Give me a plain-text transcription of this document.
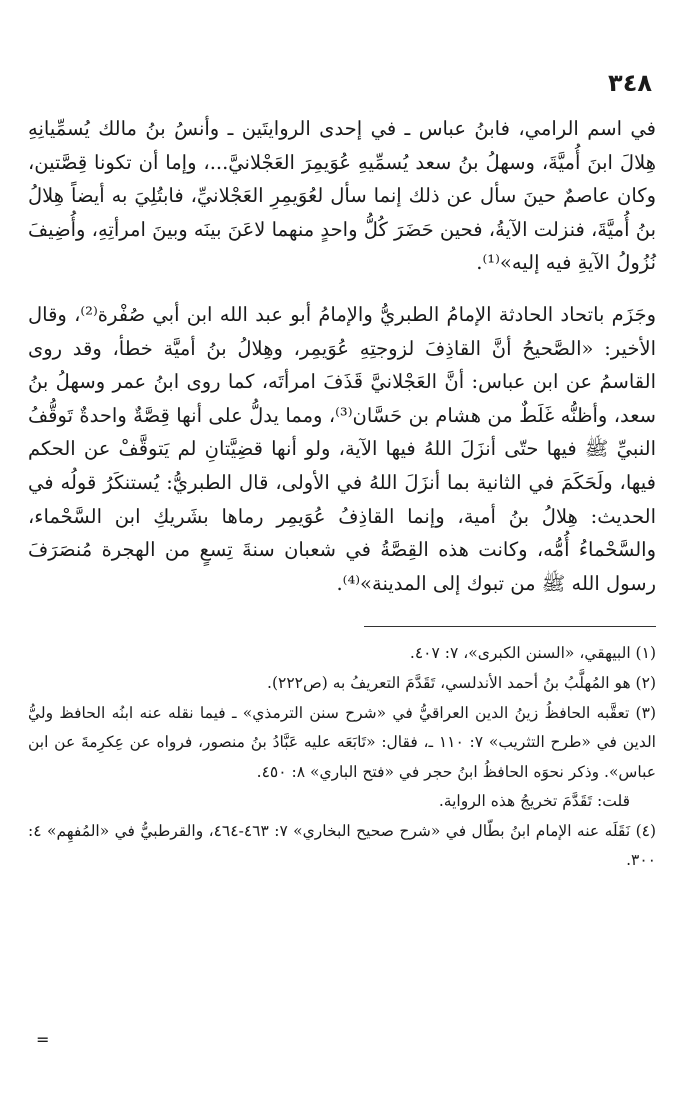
٣٤٨

في اسم الرامي، فابنُ عباس ـ في إحدى الروايتَين ـ وأنسُ بنُ مالك يُسمِّيانِهِ هِلالَ ابنَ أُميَّةَ، وسهلُ بنُ سعد يُسمِّيهِ عُوَيمِرَ العَجْلانيَّ...، وإما أن تكونا قِصَّتين، وكان عاصمٌ حينَ سأل عن ذلك إنما سأل لعُوَيمِرِ العَجْلانيِّ، فابتُلِيَ به أيضاً هِلالُ بنُ أُميَّةَ، فنزلت الآيةُ، فحين حَضَرَ كُلُّ واحدٍ منهما لاعَنَ بينَه وبينَ امرأتِهِ، وأُضِيفَ نُزُولُ الآيةِ فيه إليه»⁽¹⁾.

وجَزَم باتحاد الحادثة الإمامُ الطبريُّ والإمامُ أبو عبد الله ابن أبي صُفْرة⁽²⁾، وقال الأخير: «الصَّحيحُ أنَّ القاذِفَ لزوجتِهِ عُوَيمِر، وهِلالُ بنُ أميَّة خطأ، وقد روى القاسمُ عن ابن عباس: أنَّ العَجْلانيَّ قَذَفَ امرأتَه، كما روى ابنُ عمر وسهلُ بنُ سعد، وأظنُّه غَلَطٌ من هشام بن حَسَّان⁽³⁾، ومما يدلُّ على أنها قِصَّةٌ واحدةٌ تَوقُّفُ النبيِّ ﷺ فيها حتّى أنزَلَ اللهُ فيها الآية، ولو أنها قضِيَّتانِ لم يَتوقَّفْ عن الحكم فيها، ولَحَكَمَ في الثانية بما أنزَلَ اللهُ في الأولى، قال الطبريُّ: يُستنكَرُ قولُه في الحديث: هِلالُ بنُ أمية، وإنما القاذِفُ عُوَيمِر رماها بشَريكِ ابن السَّحْماء، والسَّحْماءُ أُمُّه، وكانت هذه القِصَّةُ في شعبان سنةَ تِسعٍ من الهجرة مُنصَرَفَ رسول الله ﷺ من تبوك إلى المدينة»⁽⁴⁾.

(١) البيهقي، «السنن الكبرى»، ٧: ٤٠٧.

(٢) هو المُهلَّبُ بنُ أحمد الأندلسي، تَقَدَّمَ التعريفُ به (ص٢٢٢).

(٣) تعقَّبه الحافظُ زينُ الدين العراقيُّ في «شرح سنن الترمذي» ـ فيما نقله عنه ابنُه الحافظ وليُّ الدين في «طرح التثريب» ٧: ١١٠ ـ، فقال: «تَابَعَه عليه عَبَّادُ بنُ منصور، فرواه عن عِكرِمةَ عن ابن عباس». وذكر نحوَه الحافظُ ابنُ حجر في «فتح الباري» ٨: ٤٥٠.

قلت: تَقَدَّمَ تخريجُ هذه الرواية.

(٤) نَقَلَه عنه الإمام ابنُ بطّال في «شرح صحيح البخاري» ٧: ٤٦٣-٤٦٤، والقرطبيُّ في «المُفهِم» ٤: ٣٠٠.

=
